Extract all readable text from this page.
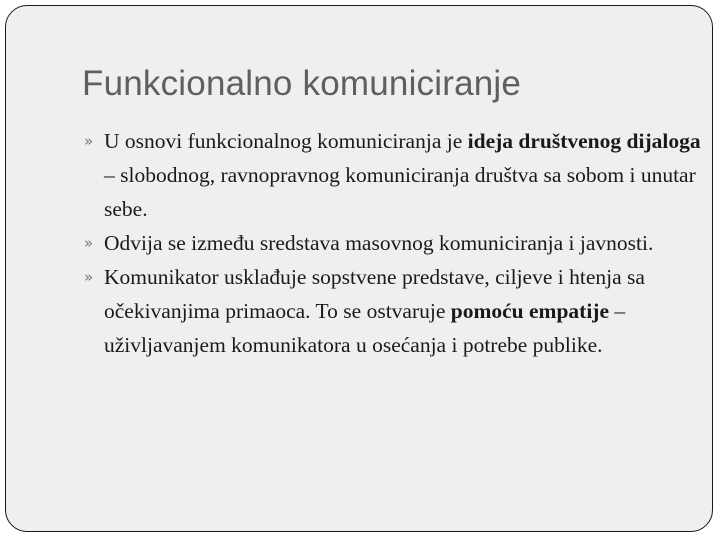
Funkcionalno komuniciranje
» U osnovi funkcionalnog komuniciranja je ideja društvenog dijaloga – slobodnog, ravnopravnog komuniciranja društva sa sobom i unutar sebe.
» Odvija se između sredstava masovnog komuniciranja i javnosti.
» Komunikator usklađuje sopstvene predstave, ciljeve i htenja sa očekivanjima primaoca. To se ostvaruje pomoću empatije – uživljavanjem komunikatora u osećanja i potrebe publike.
